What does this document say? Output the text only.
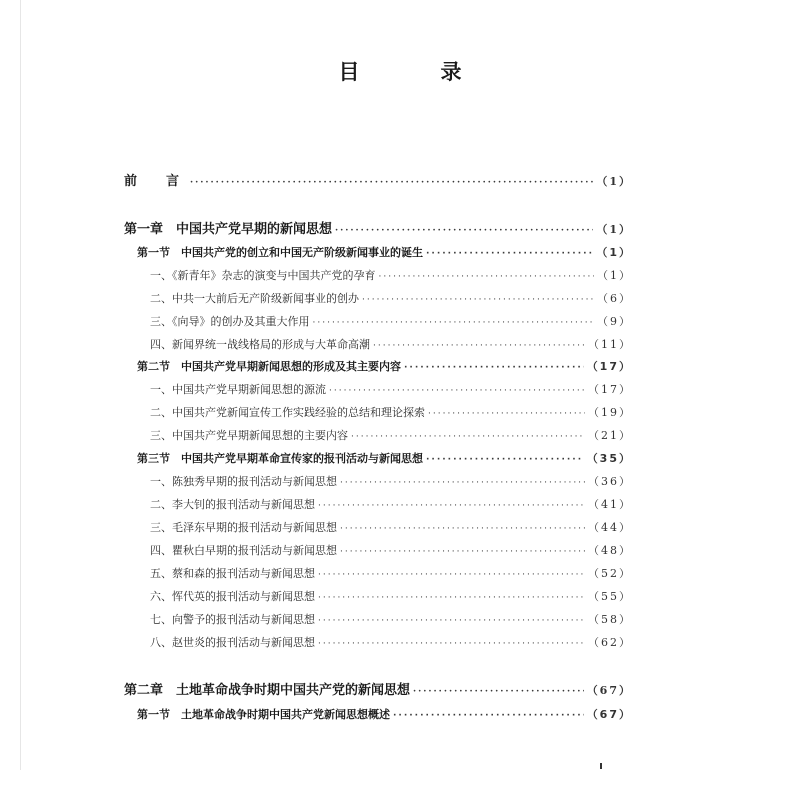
目　录
前　言 ·····	（1）
第一章　中国共产党早期的新闻思想 ·····	（1）
第一节　中国共产党的创立和中国无产阶级新闻事业的诞生 ·····	（1）
一、《新青年》杂志的演变与中国共产党的孕育 ·····	（1）
二、中共一大前后无产阶级新闻事业的创办 ·····	（6）
三、《向导》的创办及其重大作用 ·····	（9）
四、新闻界统一战线格局的形成与大革命高潮 ·····	（11）
第二节　中国共产党早期新闻思想的形成及其主要内容 ·····	（17）
一、中国共产党早期新闻思想的源流 ·····	（17）
二、中国共产党新闻宣传工作实践经验的总结和理论探索 ·····	（19）
三、中国共产党早期新闻思想的主要内容 ·····	（21）
第三节　中国共产党早期革命宣传家的报刊活动与新闻思想 ·····	（35）
一、陈独秀早期的报刊活动与新闻思想 ·····	（36）
二、李大钊的报刊活动与新闻思想 ·····	（41）
三、毛泽东早期的报刊活动与新闻思想 ·····	（44）
四、瞿秋白早期的报刊活动与新闻思想 ·····	（48）
五、蔡和森的报刊活动与新闻思想 ·····	（52）
六、恽代英的报刊活动与新闻思想 ·····	（55）
七、向警予的报刊活动与新闻思想 ·····	（58）
八、赵世炎的报刊活动与新闻思想 ·····	（62）
第二章　土地革命战争时期中国共产党的新闻思想 ·····	（67）
第一节　土地革命战争时期中国共产党新闻思想概述 ·····	（67）
